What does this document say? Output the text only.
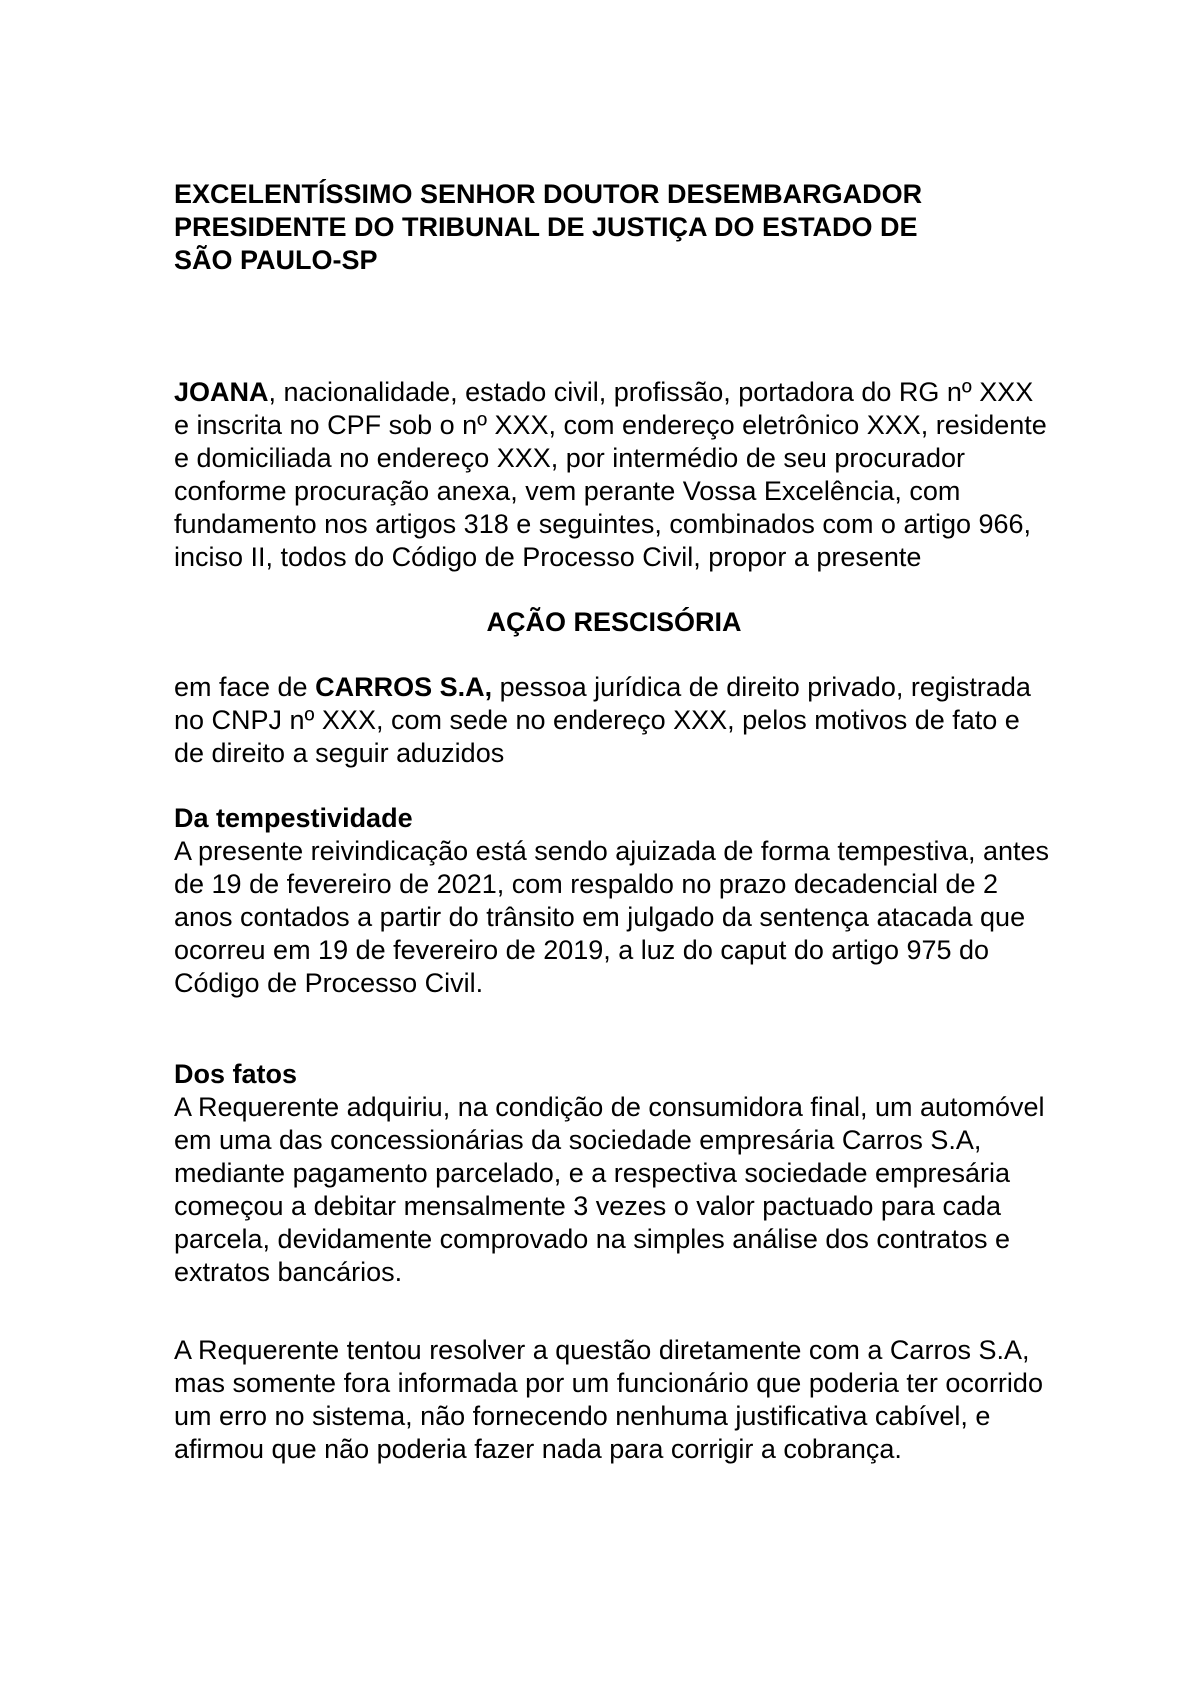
EXCELENTÍSSIMO SENHOR DOUTOR DESEMBARGADOR
PRESIDENTE DO TRIBUNAL DE JUSTIÇA DO ESTADO DE
SÃO PAULO-SP

JOANA, nacionalidade, estado civil, profissão, portadora do RG nº XXX e inscrita no CPF sob o nº XXX, com endereço eletrônico XXX, residente e domiciliada no endereço XXX, por intermédio de seu procurador conforme procuração anexa, vem perante Vossa Excelência, com fundamento nos artigos 318 e seguintes, combinados com o artigo 966, inciso II, todos do Código de Processo Civil, propor a presente

AÇÃO RESCISÓRIA

em face de CARROS S.A, pessoa jurídica de direito privado, registrada no CNPJ nº XXX, com sede no endereço XXX, pelos motivos de fato e de direito a seguir aduzidos

Da tempestividade

A presente reivindicação está sendo ajuizada de forma tempestiva, antes de 19 de fevereiro de 2021, com respaldo no prazo decadencial de 2 anos contados a partir do trânsito em julgado da sentença atacada que ocorreu em 19 de fevereiro de 2019, a luz do caput do artigo 975 do Código de Processo Civil.

Dos fatos

A Requerente adquiriu, na condição de consumidora final, um automóvel em uma das concessionárias da sociedade empresária Carros S.A, mediante pagamento parcelado, e a respectiva sociedade empresária começou a debitar mensalmente 3 vezes o valor pactuado para cada parcela, devidamente comprovado na simples análise dos contratos e extratos bancários.

A Requerente tentou resolver a questão diretamente com a Carros S.A, mas somente fora informada por um funcionário que poderia ter ocorrido um erro no sistema, não fornecendo nenhuma justificativa cabível, e afirmou que não poderia fazer nada para corrigir a cobrança.
